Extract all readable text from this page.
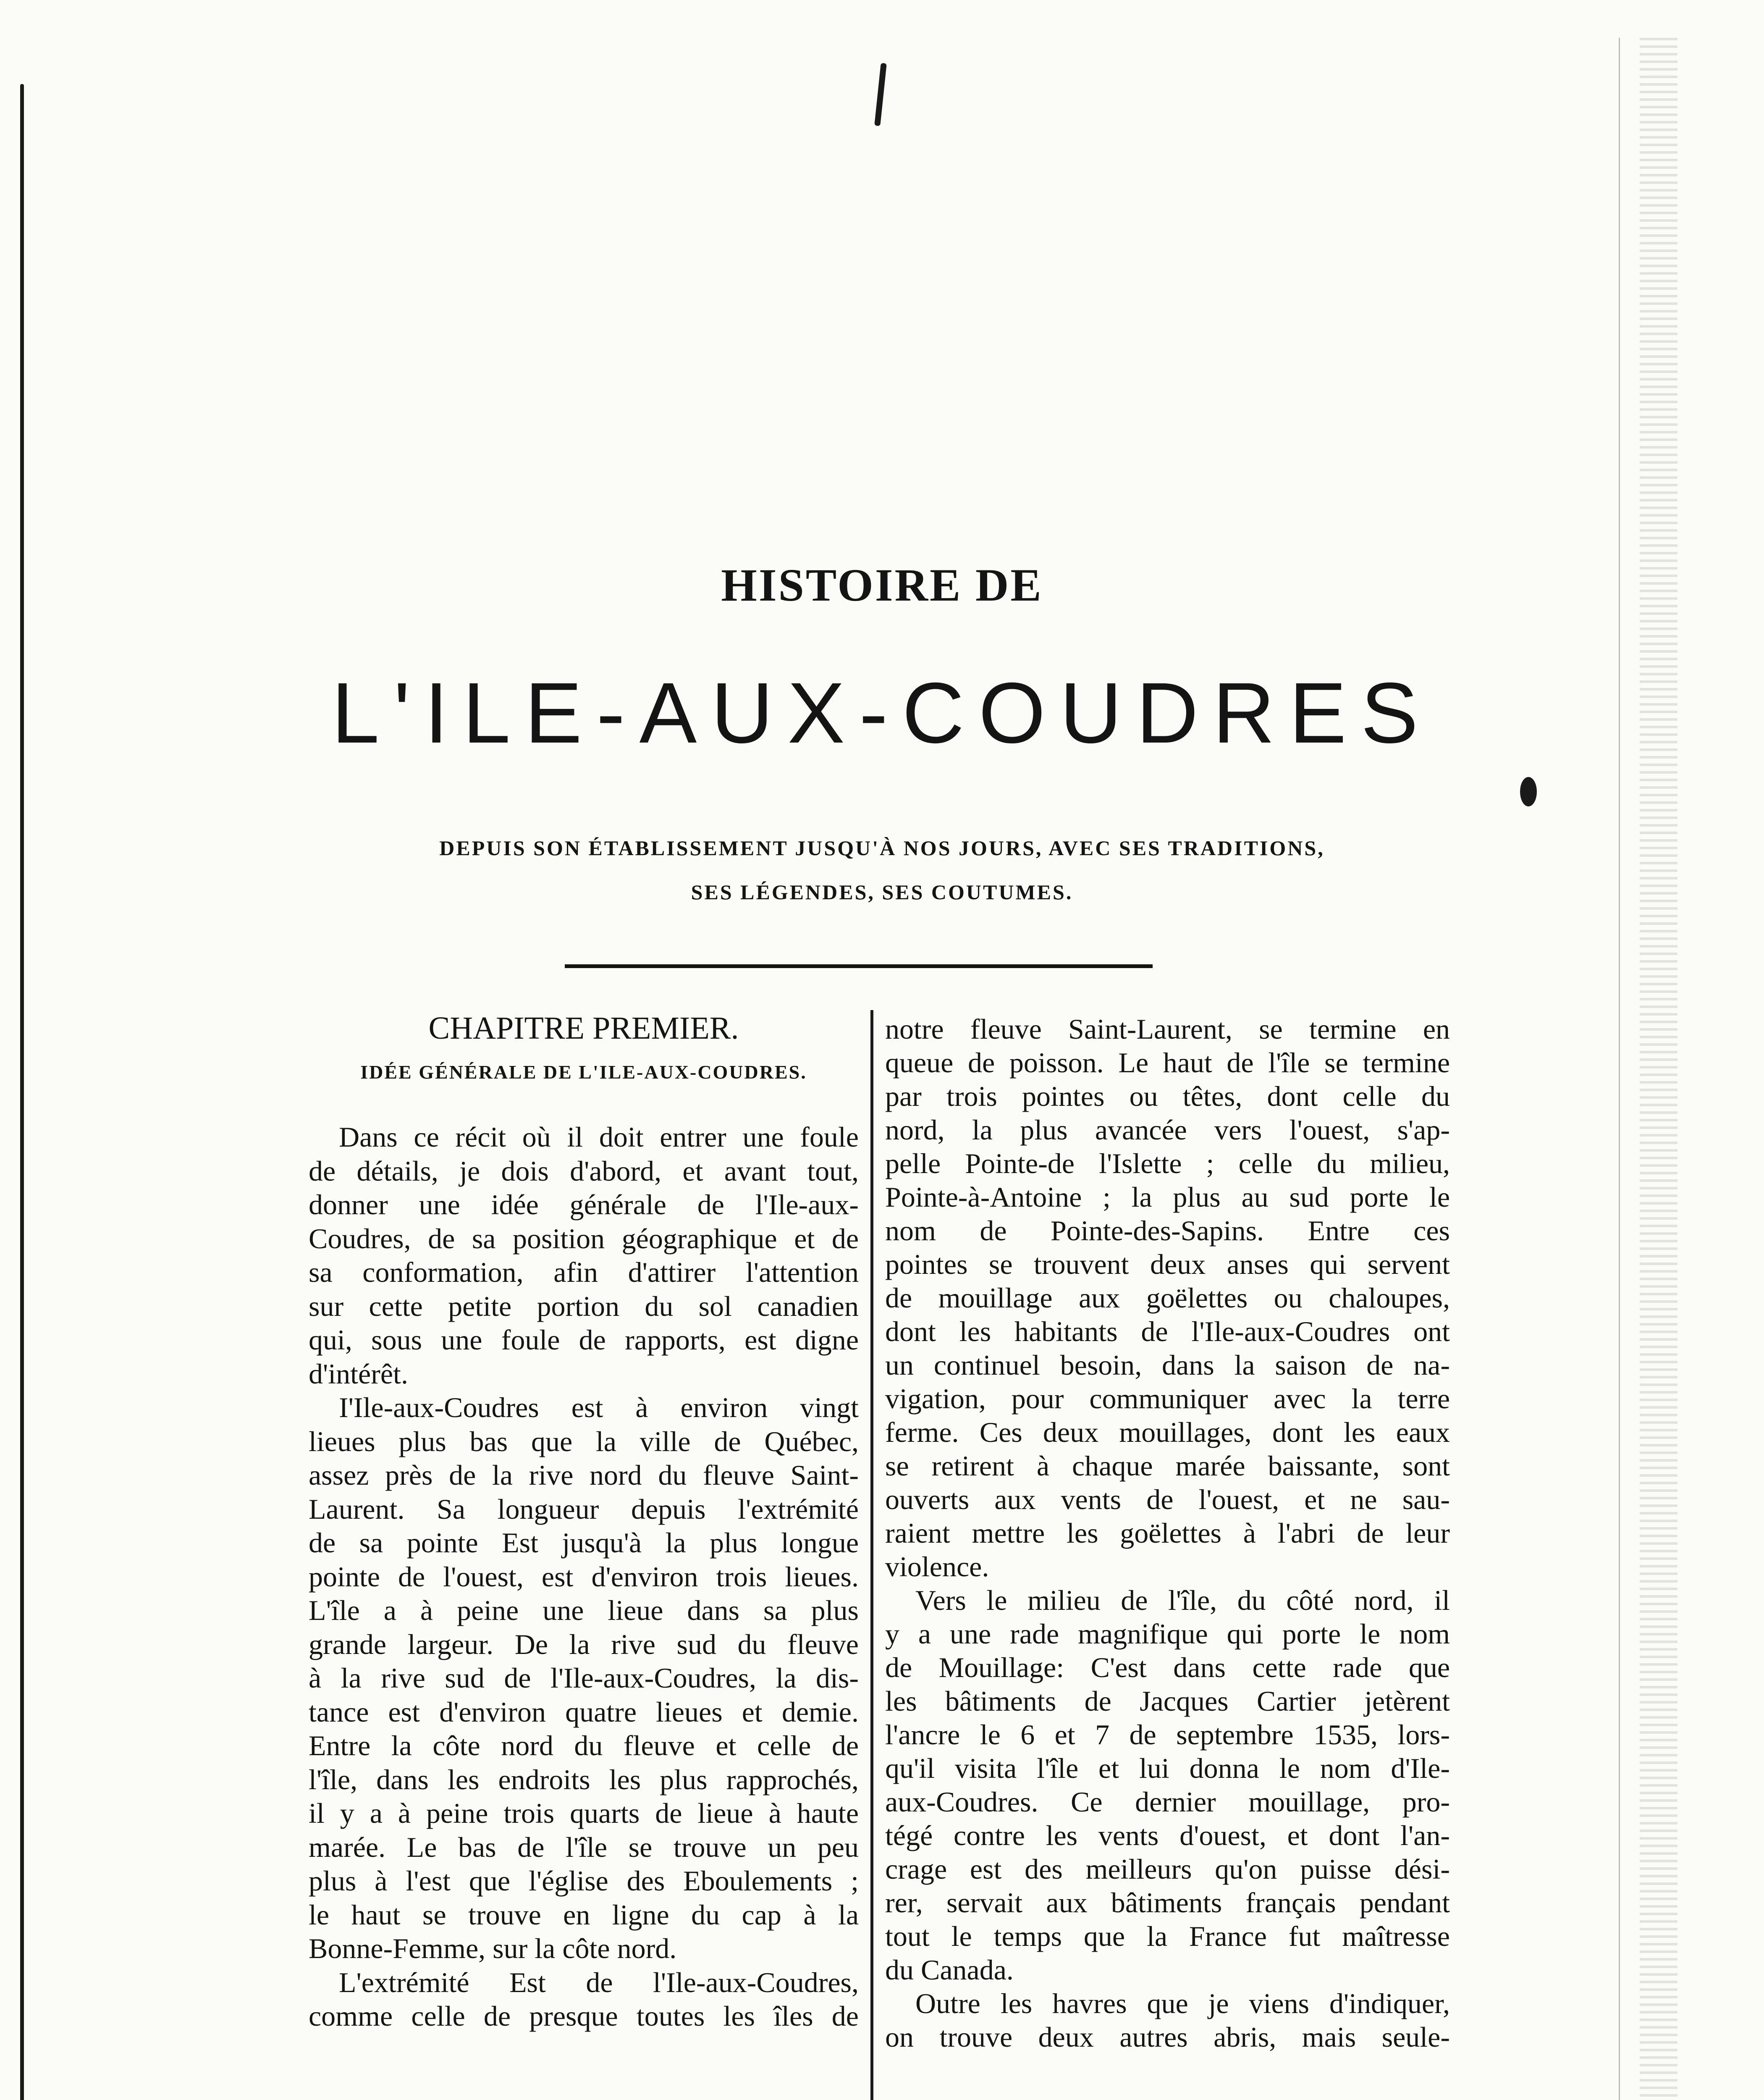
HISTOIRE DE
L'ILE-AUX-COUDRES
DEPUIS SON ÉTABLISSEMENT JUSQU'À NOS JOURS, AVEC SES TRADITIONS,
SES LÉGENDES, SES COUTUMES.
CHAPITRE PREMIER.
IDÉE GÉNÉRALE DE L'ILE-AUX-COUDRES.
Dans ce récit où il doit entrer une foule
de détails, je dois d'abord, et avant tout,
donner une idée générale de l'Ile-aux-
Coudres, de sa position géographique et de
sa conformation, afin d'attirer l'attention
sur cette petite portion du sol canadien
qui, sous une foule de rapports, est digne
d'intérêt.
I'Ile-aux-Coudres est à environ vingt
lieues plus bas que la ville de Québec,
assez près de la rive nord du fleuve Saint-
Laurent. Sa longueur depuis l'extrémité
de sa pointe Est jusqu'à la plus longue
pointe de l'ouest, est d'environ trois lieues.
L'île a à peine une lieue dans sa plus
grande largeur. De la rive sud du fleuve
à la rive sud de l'Ile-aux-Coudres, la dis-
tance est d'environ quatre lieues et demie.
Entre la côte nord du fleuve et celle de
l'île, dans les endroits les plus rapprochés,
il y a à peine trois quarts de lieue à haute
marée. Le bas de l'île se trouve un peu
plus à l'est que l'église des Eboulements ;
le haut se trouve en ligne du cap à la
Bonne-Femme, sur la côte nord.
L'extrémité Est de l'Ile-aux-Coudres,
comme celle de presque toutes les îles de
notre fleuve Saint-Laurent, se termine en
queue de poisson. Le haut de l'île se termine
par trois pointes ou têtes, dont celle du
nord, la plus avancée vers l'ouest, s'ap-
pelle Pointe-de l'Islette ; celle du milieu,
Pointe-à-Antoine ; la plus au sud porte le
nom de Pointe-des-Sapins. Entre ces
pointes se trouvent deux anses qui servent
de mouillage aux goëlettes ou chaloupes,
dont les habitants de l'Ile-aux-Coudres ont
un continuel besoin, dans la saison de na-
vigation, pour communiquer avec la terre
ferme. Ces deux mouillages, dont les eaux
se retirent à chaque marée baissante, sont
ouverts aux vents de l'ouest, et ne sau-
raient mettre les goëlettes à l'abri de leur
violence.
Vers le milieu de l'île, du côté nord, il
y a une rade magnifique qui porte le nom
de Mouillage: C'est dans cette rade que
les bâtiments de Jacques Cartier jetèrent
l'ancre le 6 et 7 de septembre 1535, lors-
qu'il visita l'île et lui donna le nom d'Ile-
aux-Coudres. Ce dernier mouillage, pro-
tégé contre les vents d'ouest, et dont l'an-
crage est des meilleurs qu'on puisse dési-
rer, servait aux bâtiments français pendant
tout le temps que la France fut maîtresse
du Canada.
Outre les havres que je viens d'indiquer,
on trouve deux autres abris, mais seule-
